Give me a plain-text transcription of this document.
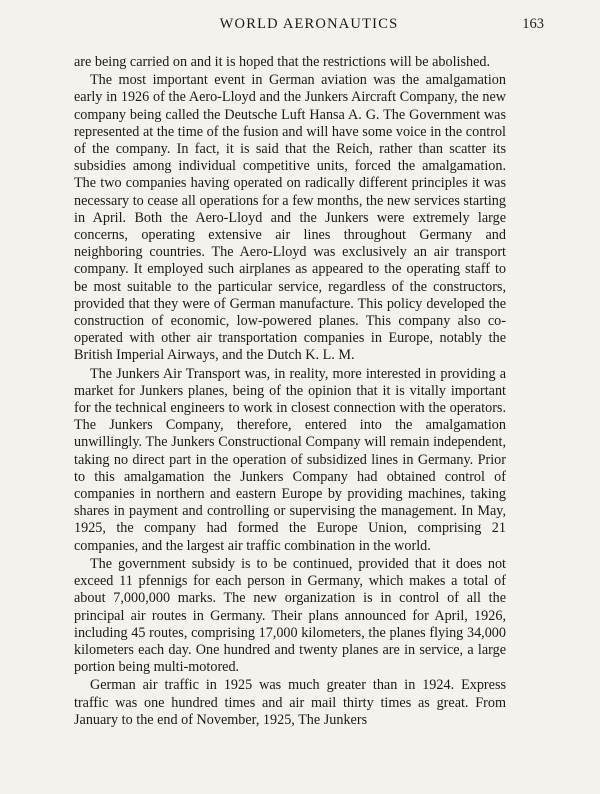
WORLD AERONAUTICS	163

are being carried on and it is hoped that the restrictions will be abolished.

The most important event in German aviation was the amalgamation early in 1926 of the Aero-Lloyd and the Junkers Aircraft Company, the new company being called the Deutsche Luft Hansa A. G. The Government was represented at the time of the fusion and will have some voice in the control of the company. In fact, it is said that the Reich, rather than scatter its subsidies among individual competitive units, forced the amalgamation. The two companies having operated on radically different principles it was necessary to cease all operations for a few months, the new services starting in April. Both the Aero-Lloyd and the Junkers were extremely large concerns, operating extensive air lines throughout Germany and neighboring countries. The Aero-Lloyd was exclusively an air transport company. It employed such airplanes as appeared to the operating staff to be most suitable to the particular service, regardless of the constructors, provided that they were of German manufacture. This policy developed the construction of economic, low-powered planes. This company also co-operated with other air transportation companies in Europe, notably the British Imperial Airways, and the Dutch K. L. M.

The Junkers Air Transport was, in reality, more interested in providing a market for Junkers planes, being of the opinion that it is vitally important for the technical engineers to work in closest connection with the operators. The Junkers Company, therefore, entered into the amalgamation unwillingly. The Junkers Constructional Company will remain independent, taking no direct part in the operation of subsidized lines in Germany. Prior to this amalgamation the Junkers Company had obtained control of companies in northern and eastern Europe by providing machines, taking shares in payment and controlling or supervising the management. In May, 1925, the company had formed the Europe Union, comprising 21 companies, and the largest air traffic combination in the world.

The government subsidy is to be continued, provided that it does not exceed 11 pfennigs for each person in Germany, which makes a total of about 7,000,000 marks. The new organization is in control of all the principal air routes in Germany. Their plans announced for April, 1926, including 45 routes, comprising 17,000 kilometers, the planes flying 34,000 kilometers each day. One hundred and twenty planes are in service, a large portion being multi-motored.

German air traffic in 1925 was much greater than in 1924. Express traffic was one hundred times and air mail thirty times as great. From January to the end of November, 1925, The Junkers
